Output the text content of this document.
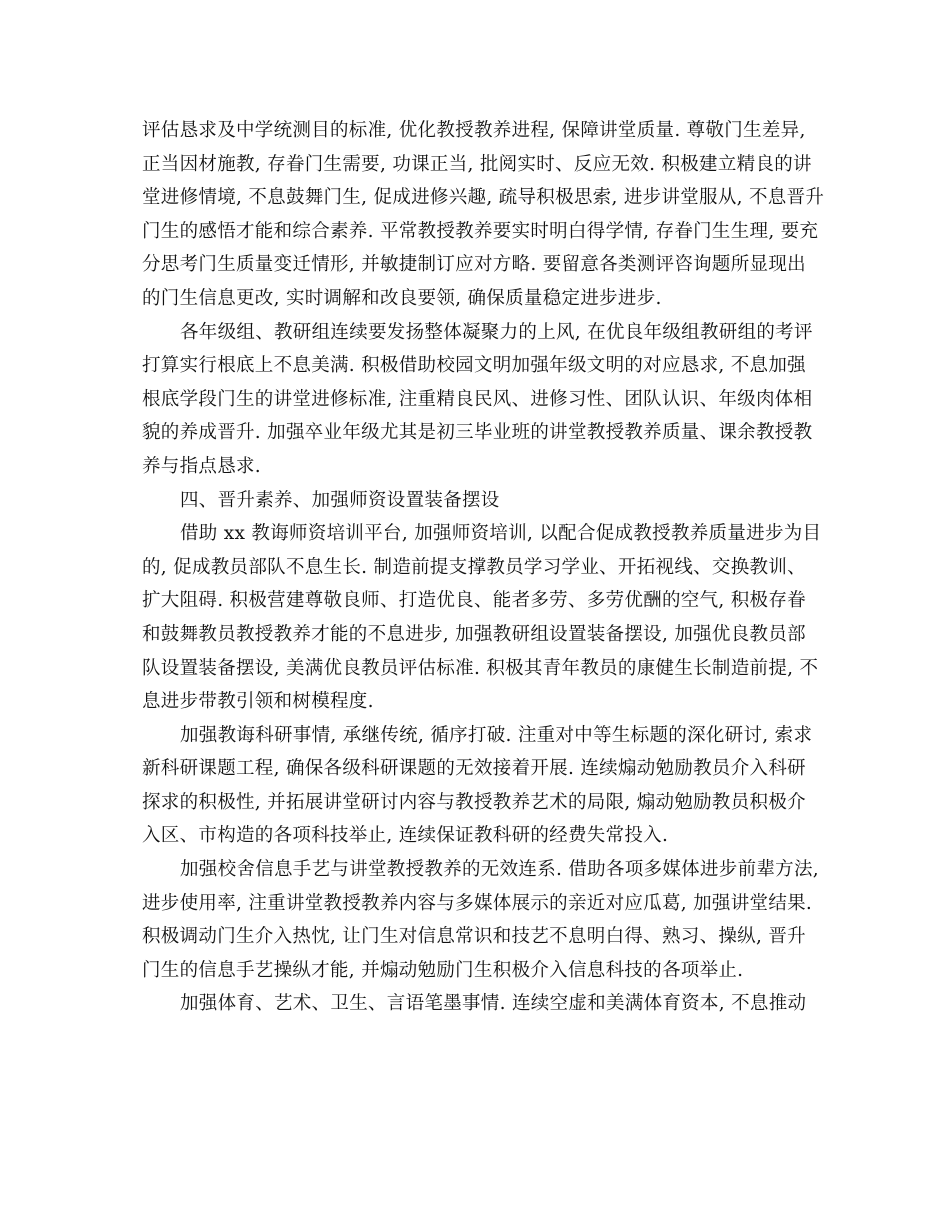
评估恳求及中学统测目的标准, 优化教授教养进程, 保障讲堂质量. 尊敬门生差异,
正当因材施教, 存眷门生需要, 功课正当, 批阅实时、反应无效. 积极建立精良的讲
堂进修情境, 不息鼓舞门生, 促成进修兴趣, 疏导积极思索, 进步讲堂服从, 不息晋升
门生的感悟才能和综合素养. 平常教授教养要实时明白得学情, 存眷门生生理, 要充
分思考门生质量变迁情形, 并敏捷制订应对方略. 要留意各类测评咨询题所显现出
的门生信息更改, 实时调解和改良要领, 确保质量稳定进步进步.
各年级组、教研组连续要发扬整体凝聚力的上风, 在优良年级组教研组的考评
打算实行根底上不息美满. 积极借助校园文明加强年级文明的对应恳求, 不息加强
根底学段门生的讲堂进修标准, 注重精良民风、进修习性、团队认识、年级肉体相
貌的养成晋升. 加强卒业年级尤其是初三毕业班的讲堂教授教养质量、课余教授教
养与指点恳求.
四、晋升素养、加强师资设置装备摆设
借助 xx 教诲师资培训平台, 加强师资培训, 以配合促成教授教养质量进步为目
的, 促成教员部队不息生长. 制造前提支撑教员学习学业、开拓视线、交换教训、
扩大阻碍. 积极营建尊敬良师、打造优良、能者多劳、多劳优酬的空气, 积极存眷
和鼓舞教员教授教养才能的不息进步, 加强教研组设置装备摆设, 加强优良教员部
队设置装备摆设, 美满优良教员评估标准. 积极其青年教员的康健生长制造前提, 不
息进步带教引领和树模程度.
加强教诲科研事情, 承继传统, 循序打破. 注重对中等生标题的深化研讨, 索求
新科研课题工程, 确保各级科研课题的无效接着开展. 连续煽动勉励教员介入科研
探求的积极性, 并拓展讲堂研讨内容与教授教养艺术的局限, 煽动勉励教员积极介
入区、市构造的各项科技举止, 连续保证教科研的经费失常投入.
加强校舍信息手艺与讲堂教授教养的无效连系. 借助各项多媒体进步前辈方法,
进步使用率, 注重讲堂教授教养内容与多媒体展示的亲近对应瓜葛, 加强讲堂结果.
积极调动门生介入热忱, 让门生对信息常识和技艺不息明白得、熟习、操纵, 晋升
门生的信息手艺操纵才能, 并煽动勉励门生积极介入信息科技的各项举止.
加强体育、艺术、卫生、言语笔墨事情. 连续空虚和美满体育资本, 不息推动
